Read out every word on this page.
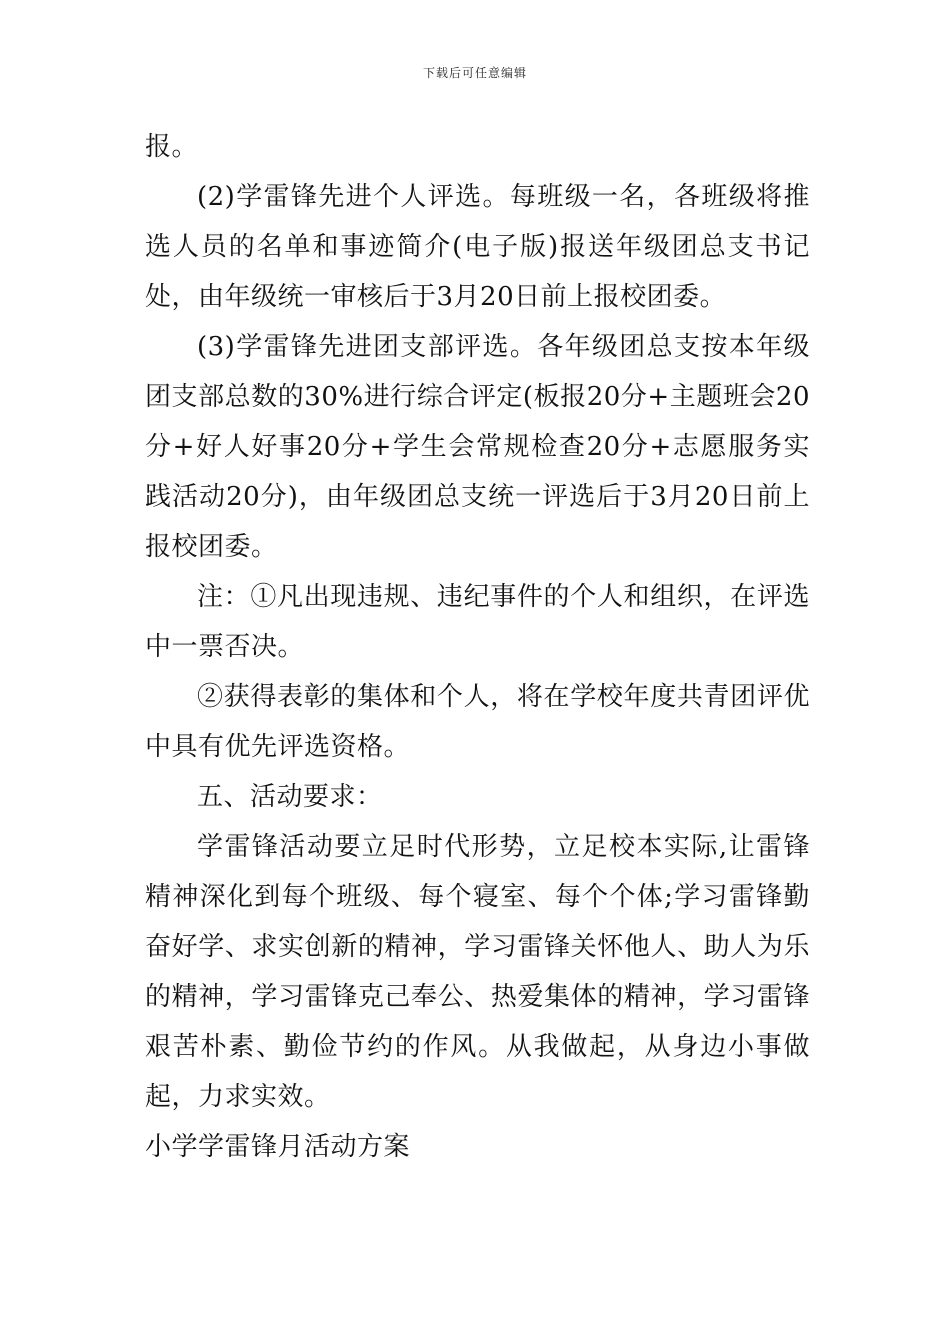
下载后可任意编辑

报。

(2)学雷锋先进个人评选。每班级一名，各班级将推选人员的名单和事迹简介(电子版)报送年级团总支书记处，由年级统一审核后于3月20日前上报校团委。

(3)学雷锋先进团支部评选。各年级团总支按本年级团支部总数的30%进行综合评定(板报20分+主题班会20分+好人好事20分+学生会常规检查20分+志愿服务实践活动20分)，由年级团总支统一评选后于3月20日前上报校团委。

注：①凡出现违规、违纪事件的个人和组织，在评选中一票否决。

②获得表彰的集体和个人，将在学校年度共青团评优中具有优先评选资格。

五、活动要求：

学雷锋活动要立足时代形势，立足校本实际,让雷锋精神深化到每个班级、每个寝室、每个个体;学习雷锋勤奋好学、求实创新的精神，学习雷锋关怀他人、助人为乐的精神，学习雷锋克己奉公、热爱集体的精神，学习雷锋艰苦朴素、勤俭节约的作风。从我做起，从身边小事做起，力求实效。

小学学雷锋月活动方案
